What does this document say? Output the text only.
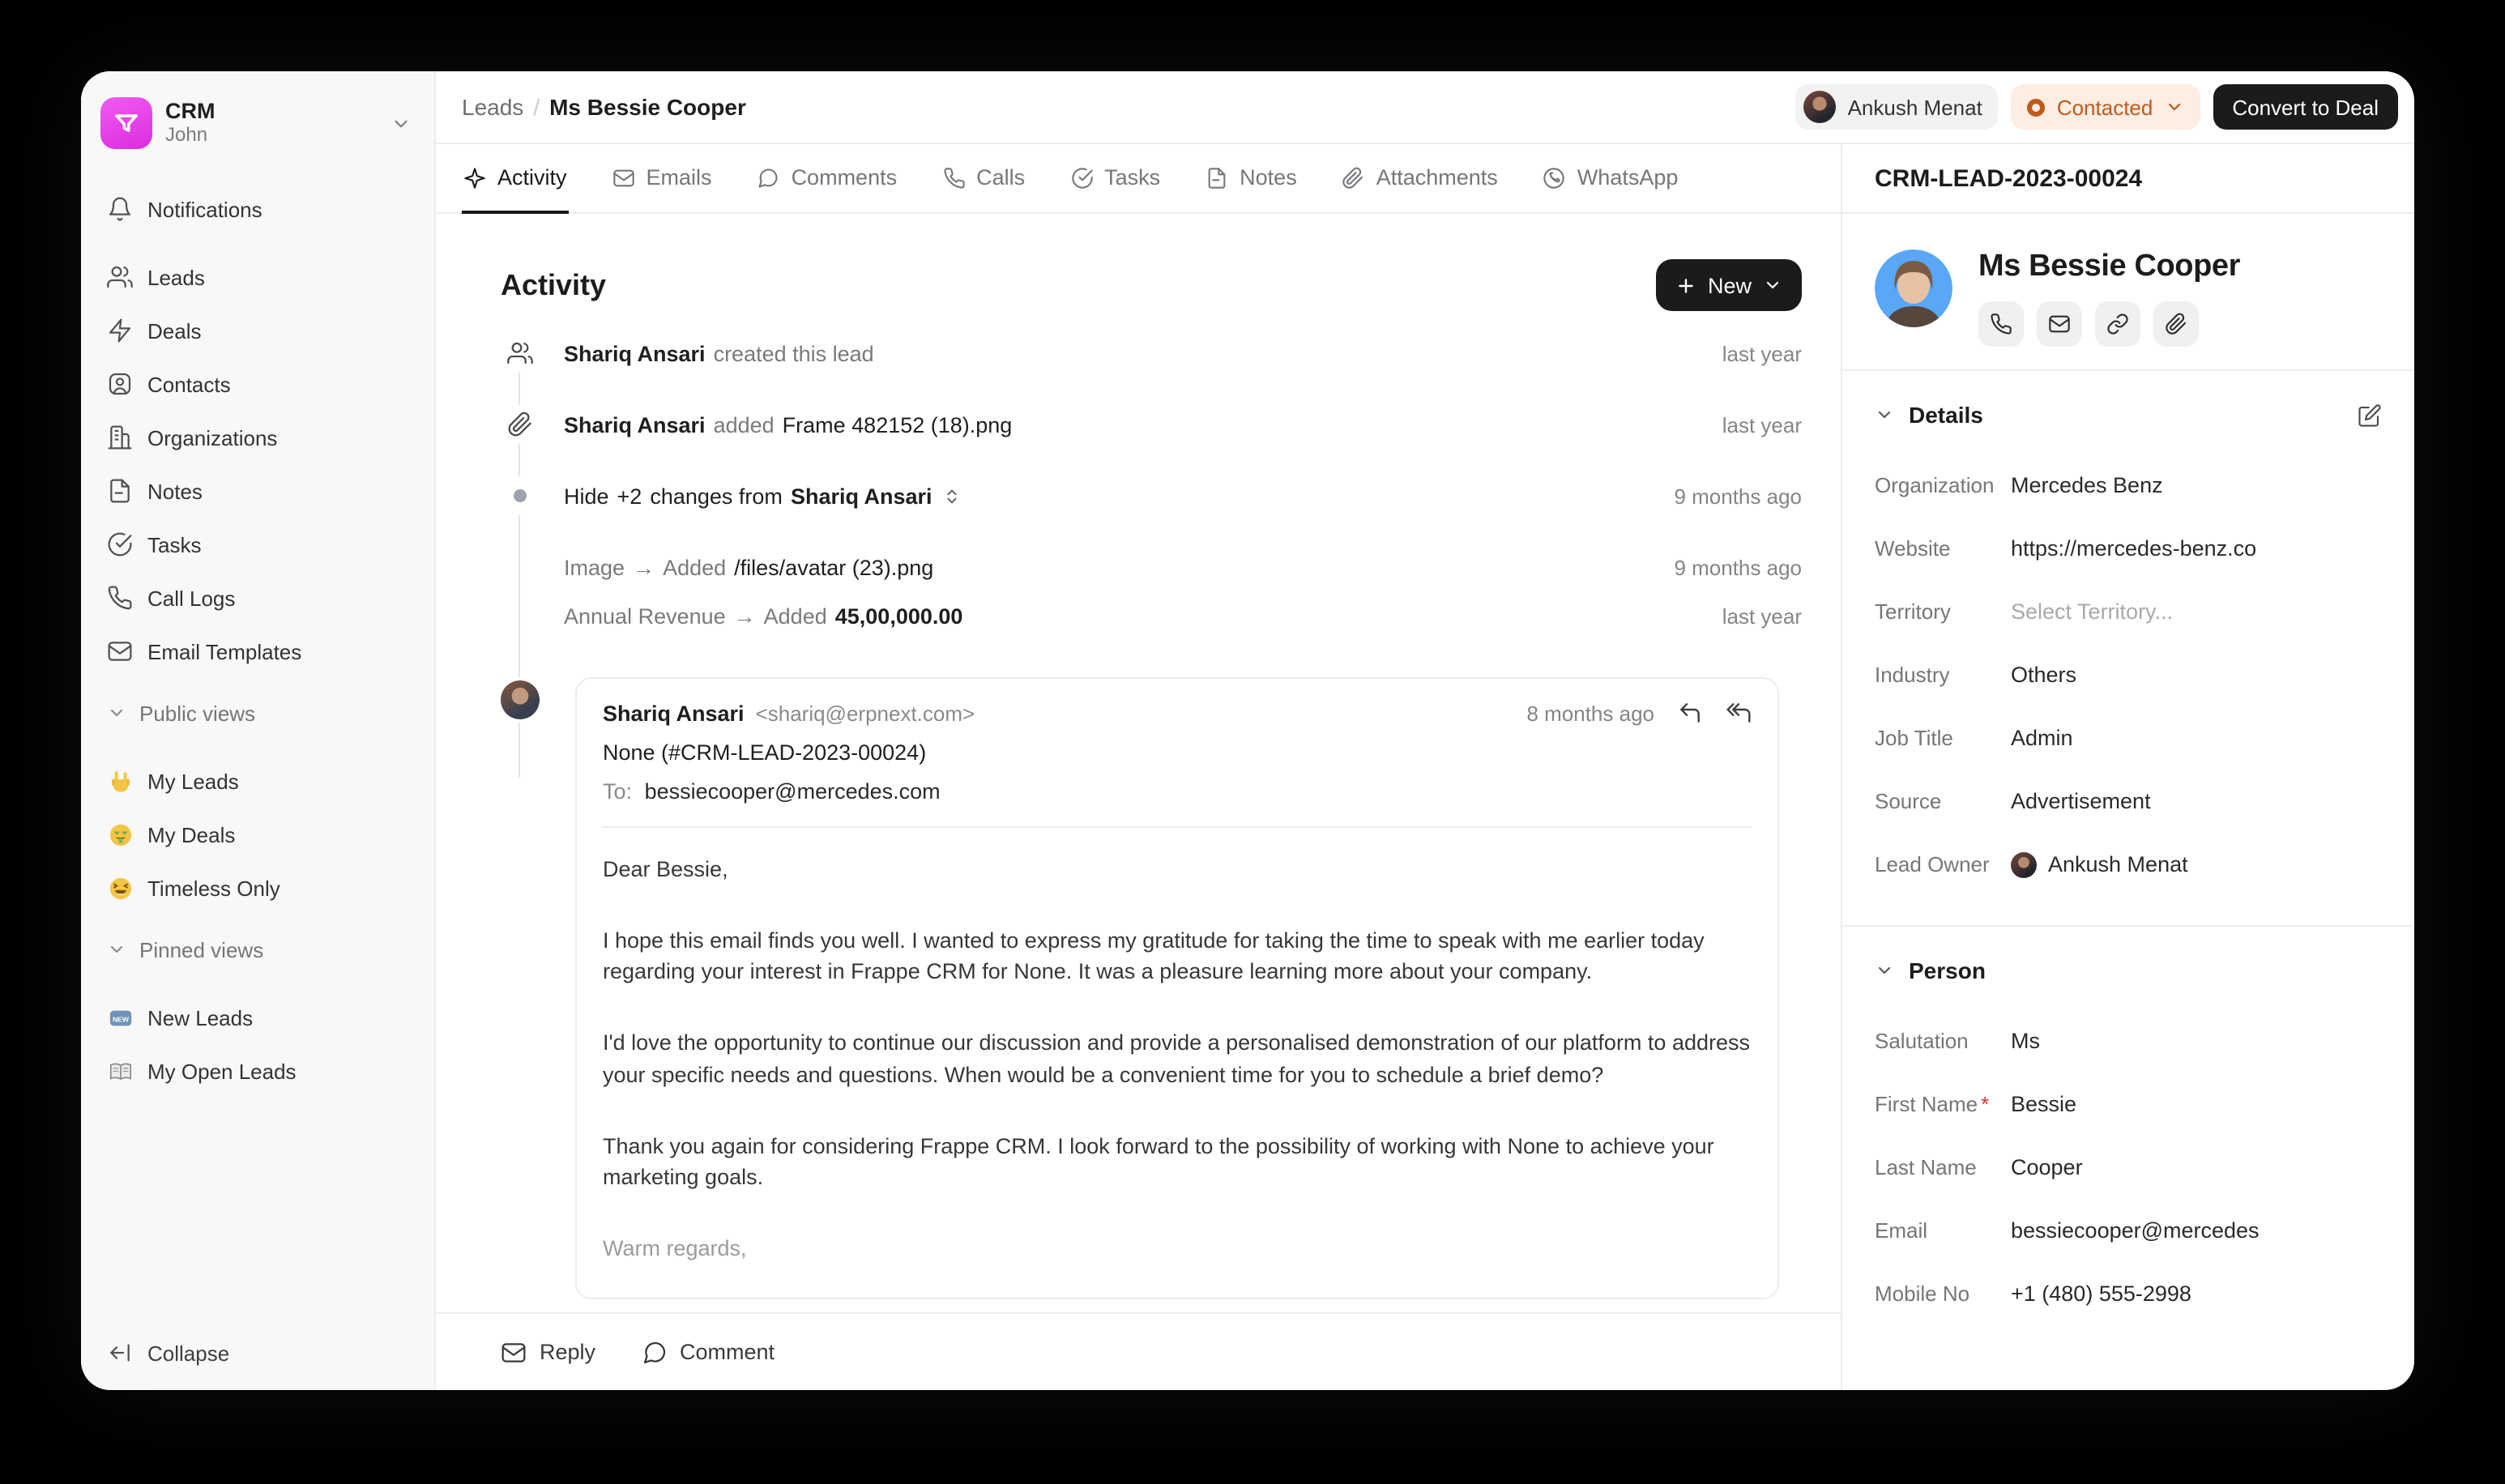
CRM
John
Notifications
Leads
Deals
Contacts
Organizations
Notes
Tasks
Call Logs
Email Templates
Public views
My Leads
My Deals
Timeless Only
Pinned views
NEW New Leads
My Open Leads
Collapse
Leads / Ms Bessie Cooper	Ankush Menat	Contacted	Convert to Deal
Activity	Emails	Comments	Calls	Tasks	Notes	Attachments	WhatsApp
Activity	New
Shariq Ansari created this lead	last year
Shariq Ansari added Frame 482152 (18).png	last year
Hide +2 changes from Shariq Ansari	9 months ago
Image → Added /files/avatar (23).png	9 months ago
Annual Revenue → Added 45,00,000.00	last year
Shariq Ansari <shariq@erpnext.com>	8 months ago
None (#CRM-LEAD-2023-00024)
To: bessiecooper@mercedes.com

Dear Bessie,

I hope this email finds you well. I wanted to express my gratitude for taking the time to speak with me earlier today regarding your interest in Frappe CRM for None. It was a pleasure learning more about your company.

I'd love the opportunity to continue our discussion and provide a personalised demonstration of our platform to address your specific needs and questions. When would be a convenient time for you to schedule a brief demo?

Thank you again for considering Frappe CRM. I look forward to the possibility of working with None to achieve your marketing goals.

Warm regards,

Reply	Comment
CRM-LEAD-2023-00024
Ms Bessie Cooper
Details
Organization	Mercedes Benz
Website	https://mercedes-benz.co
Territory	Select Territory...
Industry	Others
Job Title	Admin
Source	Advertisement
Lead Owner	Ankush Menat
Person
Salutation	Ms
First Name *	Bessie
Last Name	Cooper
Email	bessiecooper@mercedes
Mobile No	+1 (480) 555-2998
